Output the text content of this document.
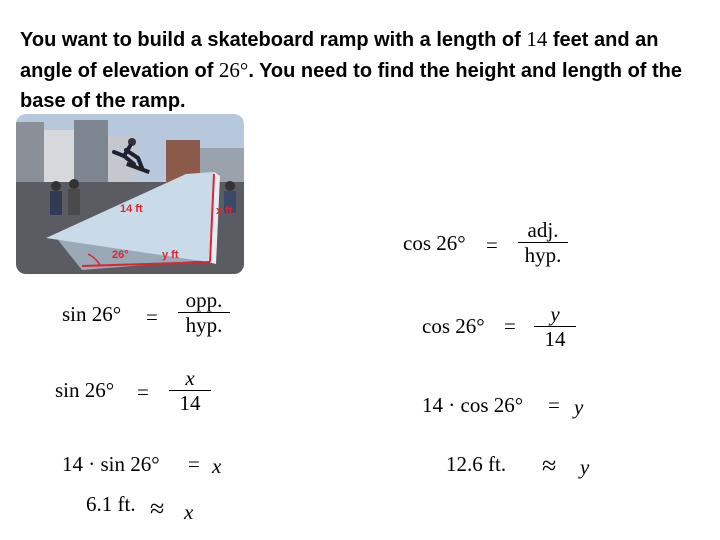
You want to build a skateboard ramp with a length of 14 feet and an angle of elevation of 26°. You need to find the height and length of the base of the ramp.
14 ft	x ft
26°	y ft
sin 26° =
opp.
hyp.
sin 26° =
x
14
14 · sin 26° = x
6.1 ft. ≈ x
cos 26° =
adj.
hyp.
cos 26° =	y
14
14 · cos 26° = y
12.6 ft. ≈ y
